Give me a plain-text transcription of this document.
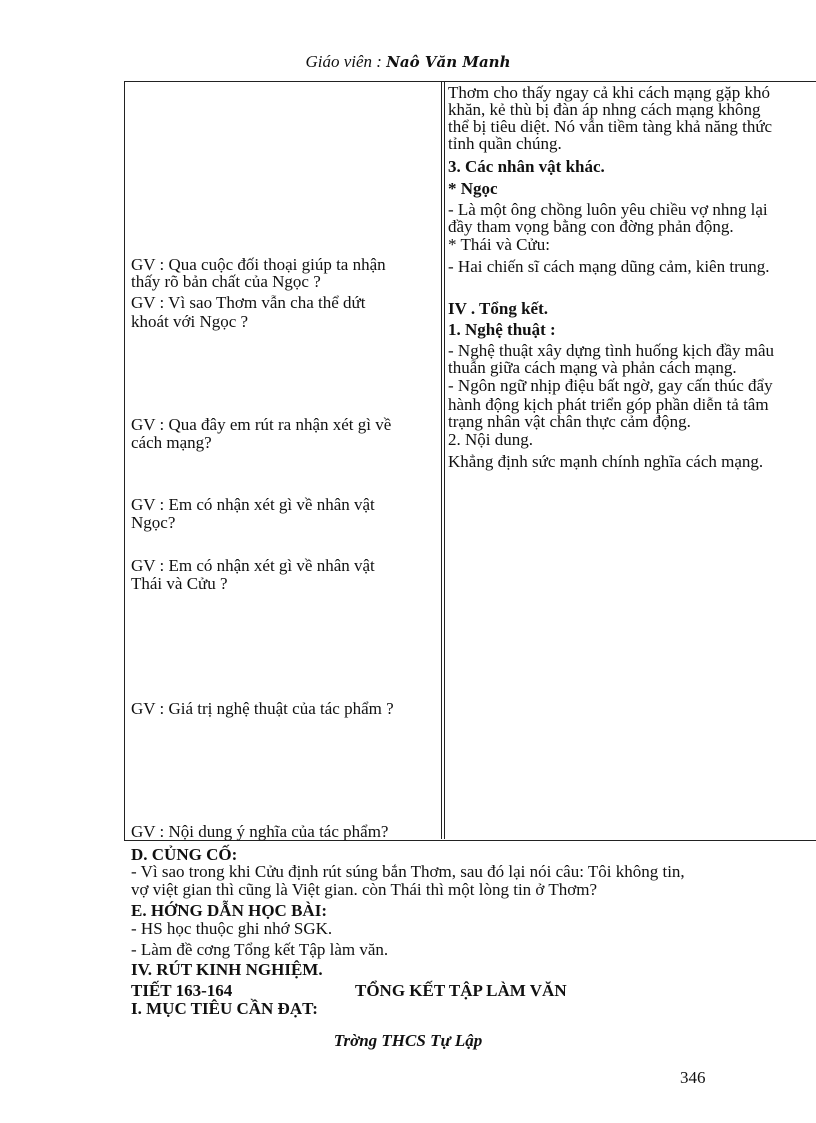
Giáo viên : Naô Văn Manh
GV : Qua cuộc đối thoại giúp ta nhận
thấy rõ bản chất của Ngọc ?
GV : Vì sao Thơm vẫn cha thể dứt
khoát với Ngọc ?
GV : Qua đây em rút ra nhận xét gì về
cách mạng?
GV : Em có nhận xét gì về nhân vật
Ngọc?
GV : Em có nhận xét gì về nhân vật
Thái và Cửu ?
GV : Giá trị nghệ thuật của tác phẩm ?
GV : Nội dung ý nghĩa của tác phẩm?
Thơm cho thấy ngay cả khi cách mạng gặp khó
khăn, kẻ thù bị đàn áp nhng cách mạng không
thể bị tiêu diệt. Nó vẫn tiềm tàng khả năng thức
tỉnh quần chúng.
3. Các nhân vật khác.
* Ngọc
- Là một ông chồng luôn yêu chiều vợ nhng lại
đầy tham vọng bằng con đờng phản động.
* Thái và Cửu:
- Hai chiến sĩ cách mạng dũng cảm, kiên trung.
IV . Tổng kết.
1. Nghệ thuật :
- Nghệ thuật xây dựng tình huống kịch đầy mâu
thuẫn giữa cách mạng và phản cách mạng.
- Ngôn ngữ nhịp điệu bất ngờ, gay cấn thúc đẩy
hành động kịch phát triển góp phần diễn tả tâm
trạng nhân vật chân thực cảm động.
2. Nội dung.
Khẳng định sức mạnh chính nghĩa cách mạng.
D. CỦNG CỐ:
- Vì sao trong khi Cửu định rút súng bắn Thơm, sau đó lại nói câu: Tôi không tin,
vợ việt gian thì cũng là Việt gian. còn Thái thì một lòng tin ở Thơm?
E. HỚNG DẪN HỌC BÀI:
- HS học thuộc ghi nhớ SGK.
- Làm đề cơng Tổng kết Tập làm văn.
IV. RÚT KINH NGHIỆM.
TIẾT 163-164	TỔNG KẾT TẬP LÀM VĂN
I. MỤC TIÊU CẦN ĐẠT:
Trờng THCS Tự Lập
346
